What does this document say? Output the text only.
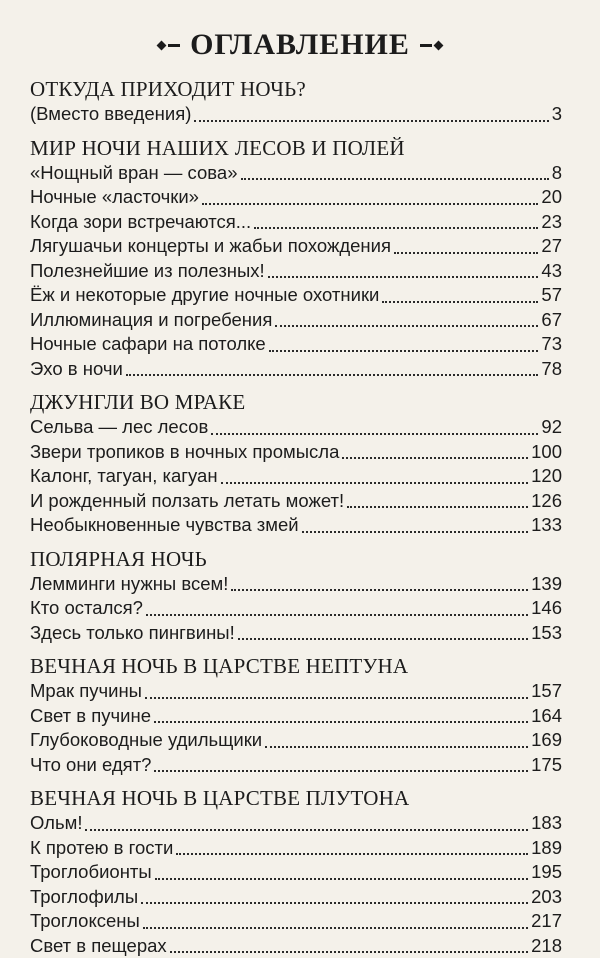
ОГЛАВЛЕНИЕ
ОТКУДА ПРИХОДИТ НОЧЬ?
(Вместо введения)	3
МИР НОЧИ НАШИХ ЛЕСОВ И ПОЛЕЙ
«Нощный вран — сова»	8
Ночные «ласточки»	20
Когда зори встречаются...	23
Лягушачьи концерты и жабьи похождения	27
Полезнейшие из полезных!	43
Ёж и некоторые другие ночные охотники	57
Иллюминация и погребения	67
Ночные сафари на потолке	73
Эхо в ночи	78
ДЖУНГЛИ ВО МРАКЕ
Сельва — лес лесов	92
Звери тропиков в ночных промысла	100
Калонг, тагуан, кагуан	120
И рожденный ползать летать может!	126
Необыкновенные чувства змей	133
ПОЛЯРНАЯ НОЧЬ
Лемминги нужны всем!	139
Кто остался?	146
Здесь только пингвины!	153
ВЕЧНАЯ НОЧЬ В ЦАРСТВЕ НЕПТУНА
Мрак пучины	157
Свет в пучине	164
Глубоководные удильщики	169
Что они едят?	175
ВЕЧНАЯ НОЧЬ В ЦАРСТВЕ ПЛУТОНА
Ольм!	183
К протею в гости	189
Троглобионты	195
Троглофилы	203
Троглоксены	217
Свет в пещерах	218
